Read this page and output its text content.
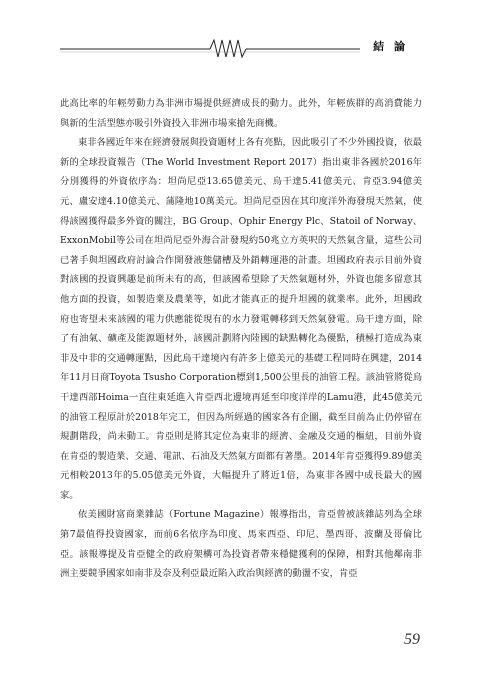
結 論

此高比率的年輕勞動力為非洲市場提供經濟成長的動力。此外，年輕族群的高消費能力與新的生活型態亦吸引外資投入非洲市場來搶先商機。

東非各國近年來在經濟發展與投資題材上各有亮點，因此吸引了不少外國投資，依最新的全球投資報告（The World Investment Report 2017）指出東非各國於2016年分別獲得的外資依序為：坦尚尼亞13.65億美元、烏干達5.41億美元、肯亞3.94億美元、盧安達4.10億美元、蒲隆地10萬美元。坦尚尼亞因在其印度洋外海發現天然氣，使得該國獲得最多外資的關注，BG Group、Ophir Energy Plc、Statoil of Norway、ExxonMobil等公司在坦尚尼亞外海合計發現約50兆立方英呎的天然氣含量，這些公司已著手與坦國政府討論合作開發液態儲槽及外銷轉運港的計畫。坦國政府表示目前外資對該國的投資興趣是前所未有的高，但該國希望除了天然氣題材外，外資也能多留意其他方面的投資，如製造業及農業等，如此才能真正的提升坦國的就業率。此外，坦國政府也寄望未來該國的電力供應能從現有的水力發電轉移到天然氣發電。烏干達方面，除了有油氣、礦產及能源題材外，該國計劃將內陸國的缺點轉化為優點，積極打造成為東非及中非的交通轉運點，因此烏干達境內有許多上億美元的基礎工程同時在興建，2014年11月日商Toyota Tsusho Corporation標到1,500公里長的油管工程。該油管將從烏干達西部Hoima一直往東延進入肯亞西北邊境再延至印度洋岸的Lamu港，此45億美元的油管工程原計於2018年完工，但因為所經過的國家各有企圖，截至目前為止仍停留在規劃階段，尚未動工。肯亞則是將其定位為東非的經濟、金融及交通的樞紐，目前外資在肯亞的製造業、交通、電訊、石油及天然氣方面都有著墨。2014年肯亞獲得9.89億美元相較2013年的5.05億美元外資，大幅提升了將近1倍，為東非各國中成長最大的國家。

依美國財富商業雜誌（Fortune Magazine）報導指出，肯亞曾被該雜誌列為全球第7最值得投資國家，而前6名依序為印度、馬來西亞、印尼、墨西哥、波蘭及哥倫比亞。該報導提及肯亞健全的政府架構可為投資者帶來穩健獲利的保障，相對其他鄰南非洲主要競爭國家如南非及奈及利亞最近陷入政治與經濟的動盪不安，肯亞

59
